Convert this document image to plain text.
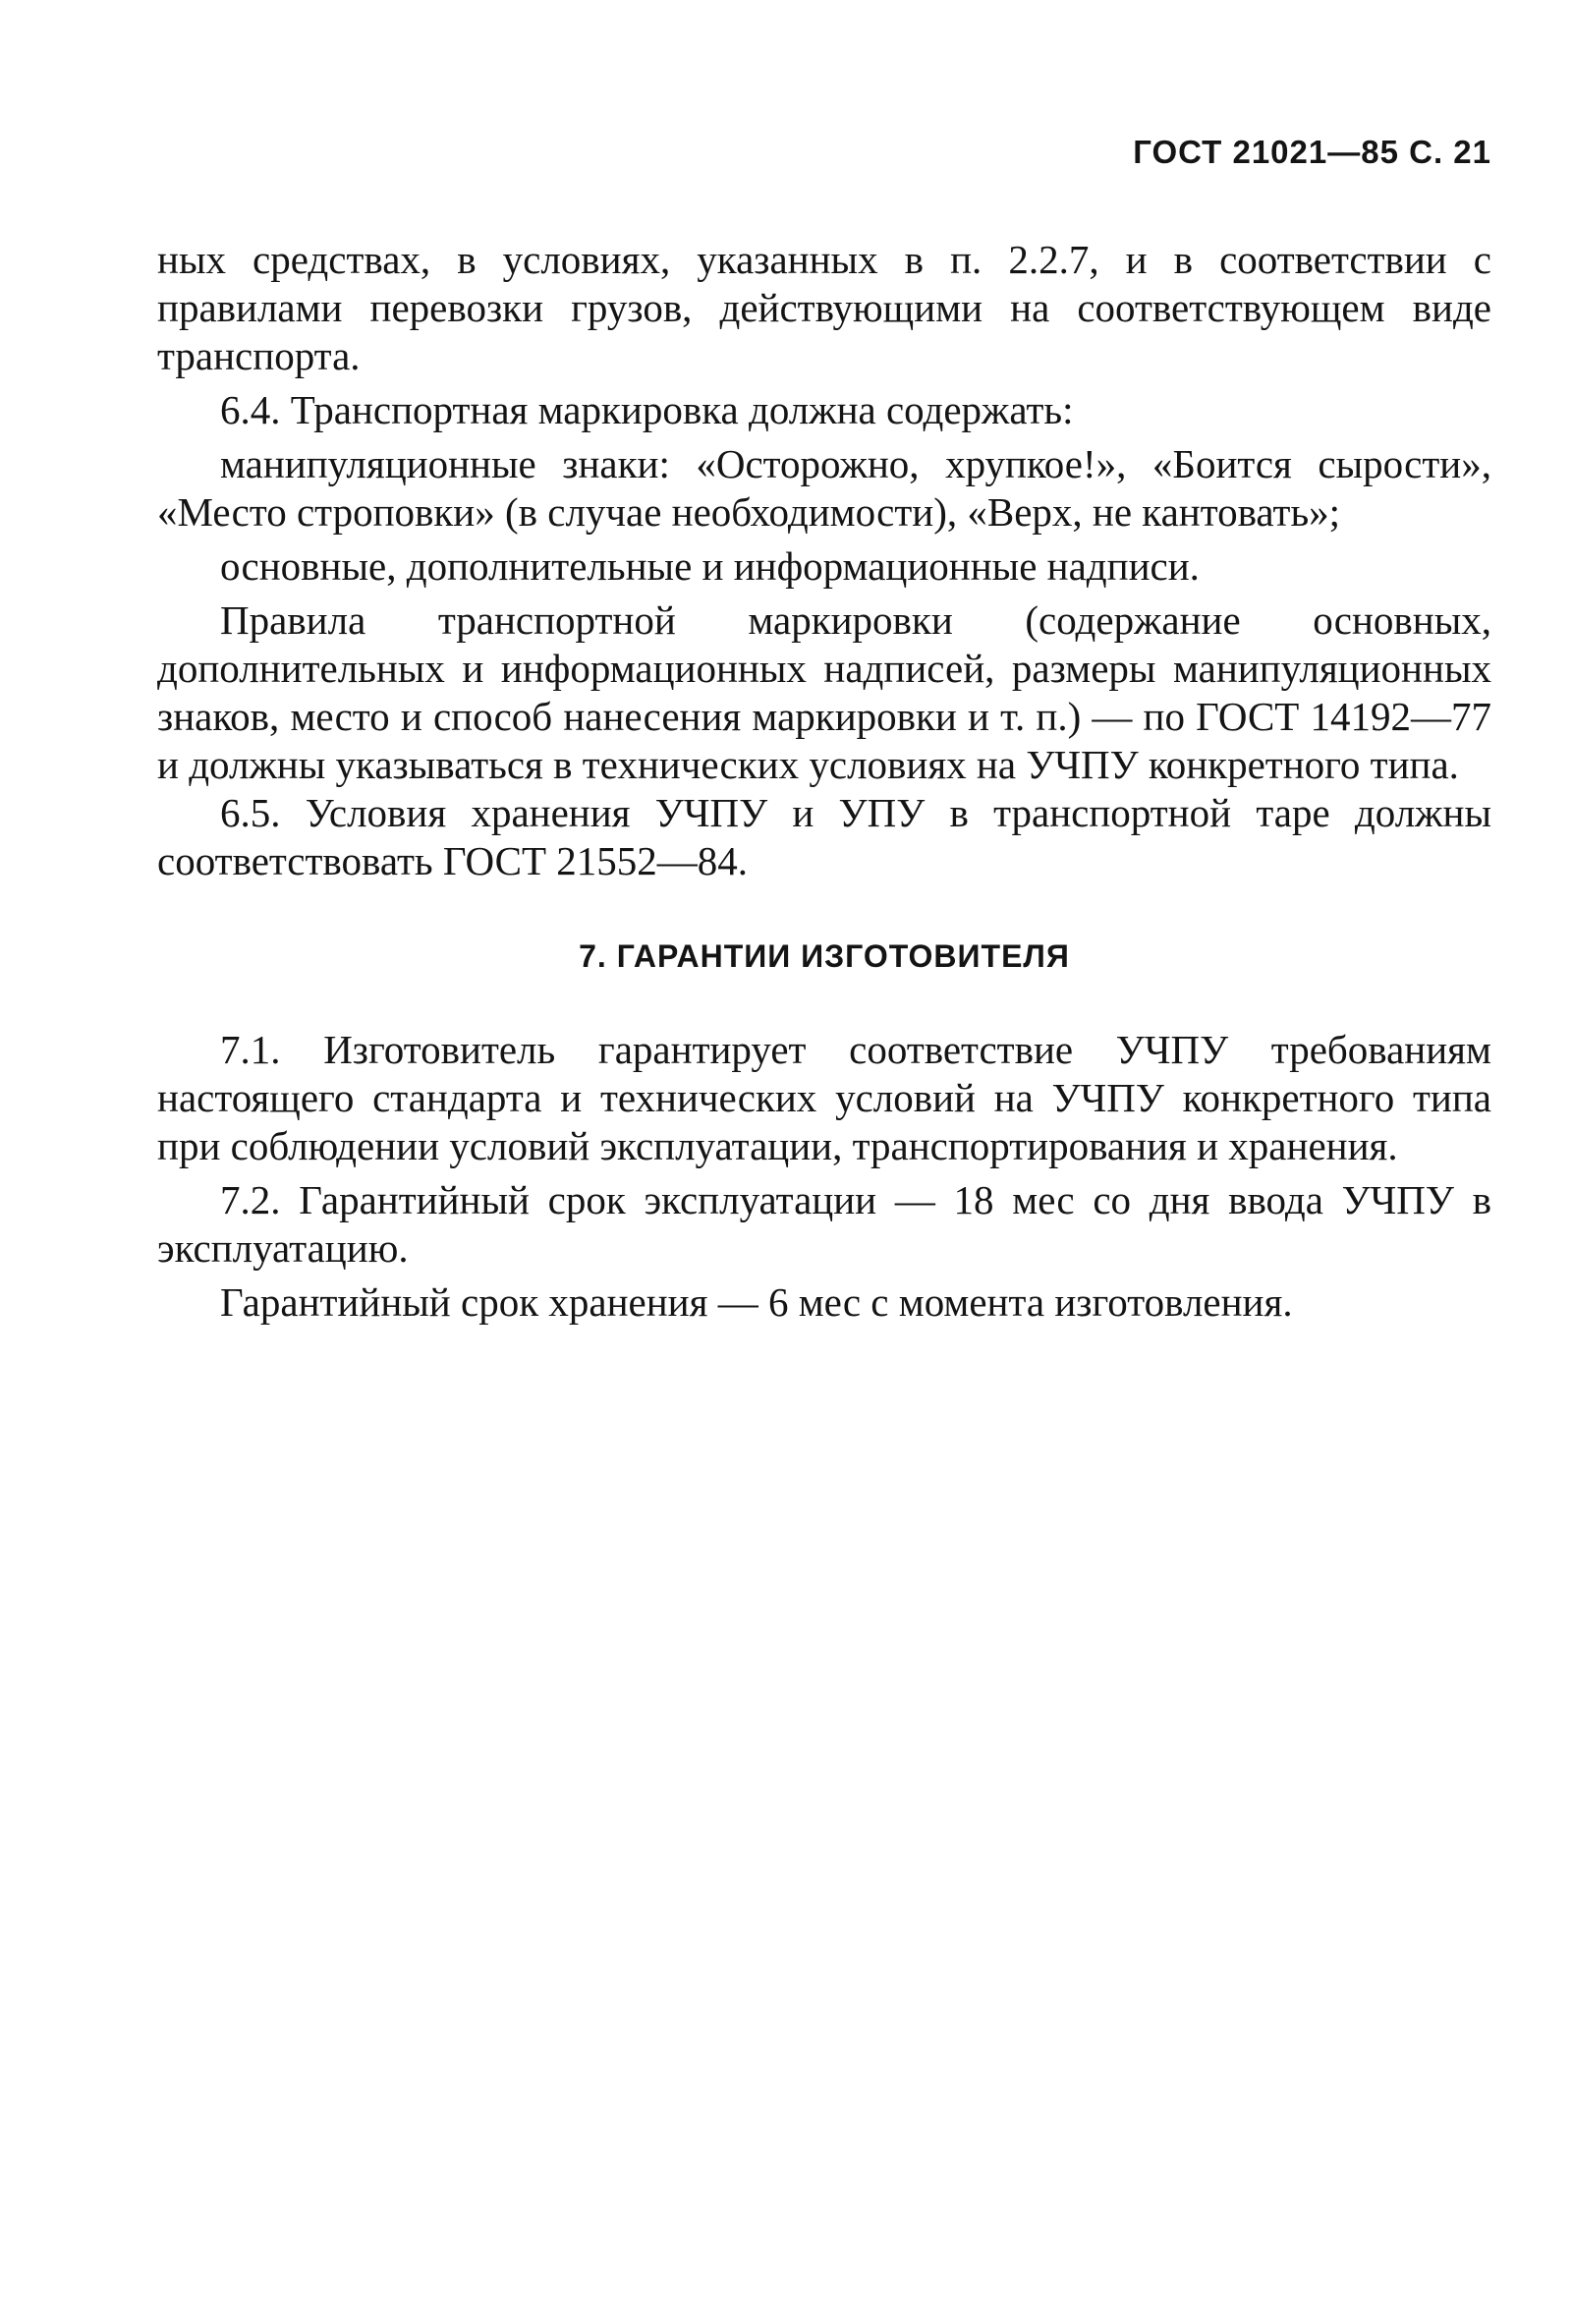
ГОСТ 21021—85 С. 21

ных средствах, в условиях, указанных в п. 2.2.7, и в соответствии с правилами перевозки грузов, действующими на соответствующем виде транспорта.

6.4. Транспортная маркировка должна содержать:

манипуляционные знаки: «Осторожно, хрупкое!», «Боится сырости», «Место строповки» (в случае необходимости), «Верх, не кантовать»;

основные, дополнительные и информационные надписи.

Правила транспортной маркировки (содержание основных, дополнительных и информационных надписей, размеры манипуляционных знаков, место и способ нанесения маркировки и т. п.) — по ГОСТ 14192—77 и должны указываться в технических условиях на УЧПУ конкретного типа.

6.5. Условия хранения УЧПУ и УПУ в транспортной таре должны соответствовать ГОСТ 21552—84.

7. ГАРАНТИИ ИЗГОТОВИТЕЛЯ

7.1. Изготовитель гарантирует соответствие УЧПУ требованиям настоящего стандарта и технических условий на УЧПУ конкретного типа при соблюдении условий эксплуатации, транспортирования и хранения.

7.2. Гарантийный срок эксплуатации — 18 мес со дня ввода УЧПУ в эксплуатацию.

Гарантийный срок хранения — 6 мес с момента изготовления.
